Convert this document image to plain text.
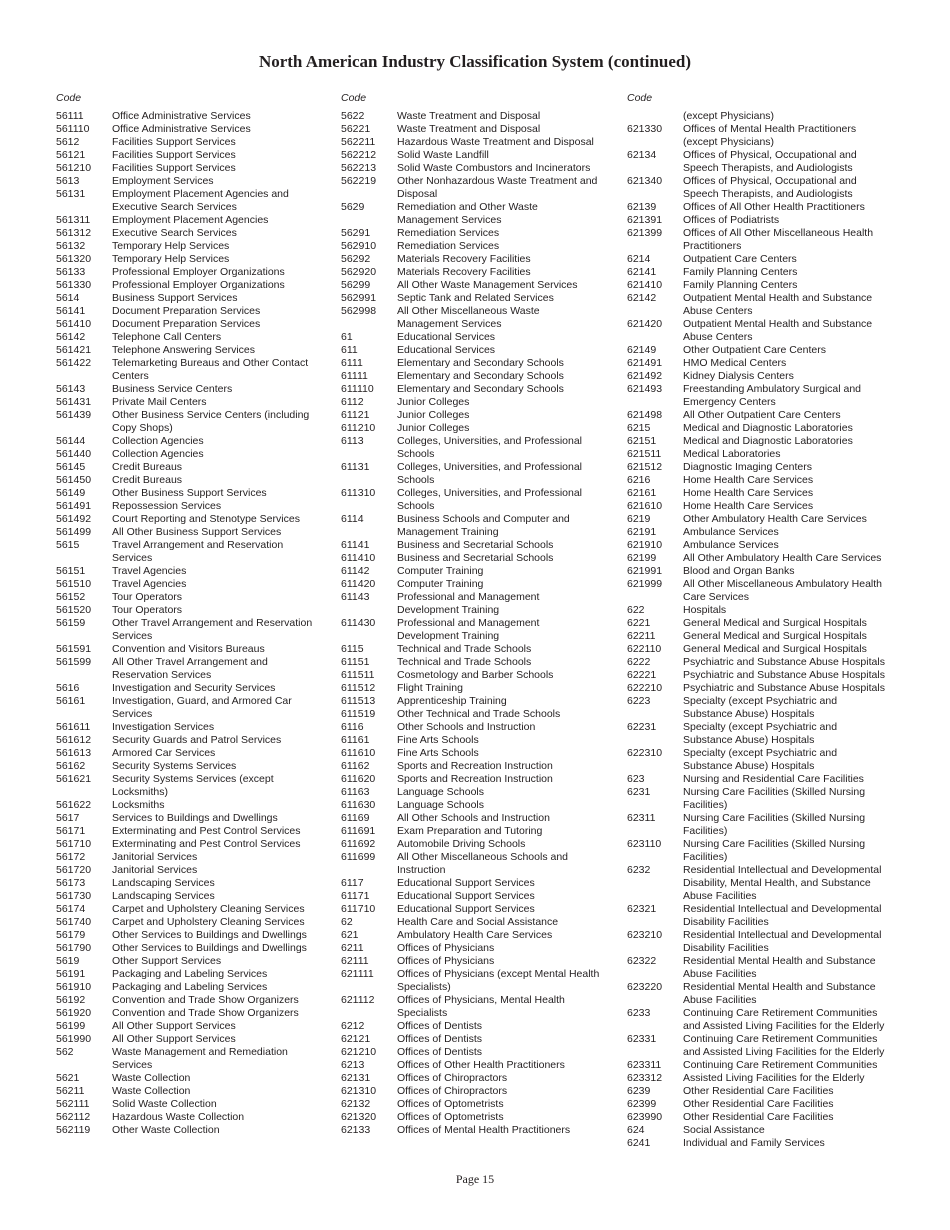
North American Industry Classification System (continued)
Code
56111	Office Administrative Services
561110	Office Administrative Services
5612	Facilities Support Services
56121	Facilities Support Services
561210	Facilities Support Services
5613	Employment Services
56131	Employment Placement Agencies and
Executive Search Services
561311	Employment Placement Agencies
561312	Executive Search Services
56132	Temporary Help Services
561320	Temporary Help Services
56133	Professional Employer Organizations
561330	Professional Employer Organizations
5614	Business Support Services
56141	Document Preparation Services
561410	Document Preparation Services
56142	Telephone Call Centers
561421	Telephone Answering Services
561422	Telemarketing Bureaus and Other Contact
Centers
56143	Business Service Centers
561431	Private Mail Centers
561439	Other Business Service Centers (including
Copy Shops)
56144	Collection Agencies
561440	Collection Agencies
56145	Credit Bureaus
561450	Credit Bureaus
56149	Other Business Support Services
561491	Repossession Services
561492	Court Reporting and Stenotype Services
561499	All Other Business Support Services
5615	Travel Arrangement and Reservation
Services
56151	Travel Agencies
561510	Travel Agencies
56152	Tour Operators
561520	Tour Operators
56159	Other Travel Arrangement and Reservation
Services
561591	Convention and Visitors Bureaus
561599	All Other Travel Arrangement and
Reservation Services
5616	Investigation and Security Services
56161	Investigation, Guard, and Armored Car
Services
561611	Investigation Services
561612	Security Guards and Patrol Services
561613	Armored Car Services
56162	Security Systems Services
561621	Security Systems Services (except
Locksmiths)
561622	Locksmiths
5617	Services to Buildings and Dwellings
56171	Exterminating and Pest Control Services
561710	Exterminating and Pest Control Services
56172	Janitorial Services
561720	Janitorial Services
56173	Landscaping Services
561730	Landscaping Services
56174	Carpet and Upholstery Cleaning Services
561740	Carpet and Upholstery Cleaning Services
56179	Other Services to Buildings and Dwellings
561790	Other Services to Buildings and Dwellings
5619	Other Support Services
56191	Packaging and Labeling Services
561910	Packaging and Labeling Services
56192	Convention and Trade Show Organizers
561920	Convention and Trade Show Organizers
56199	All Other Support Services
561990	All Other Support Services
562	Waste Management and Remediation
Services
5621	Waste Collection
56211	Waste Collection
562111	Solid Waste Collection
562112	Hazardous Waste Collection
562119	Other Waste Collection
Code
5622	Waste Treatment and Disposal
56221	Waste Treatment and Disposal
562211	Hazardous Waste Treatment and Disposal
562212	Solid Waste Landfill
562213	Solid Waste Combustors and Incinerators
562219	Other Nonhazardous Waste Treatment and
Disposal
5629	Remediation and Other Waste
Management Services
56291	Remediation Services
562910	Remediation Services
56292	Materials Recovery Facilities
562920	Materials Recovery Facilities
56299	All Other Waste Management Services
562991	Septic Tank and Related Services
562998	All Other Miscellaneous Waste
Management Services
61	Educational Services
611	Educational Services
6111	Elementary and Secondary Schools
61111	Elementary and Secondary Schools
611110	Elementary and Secondary Schools
6112	Junior Colleges
61121	Junior Colleges
611210	Junior Colleges
6113	Colleges, Universities, and Professional
Schools
61131	Colleges, Universities, and Professional
Schools
611310	Colleges, Universities, and Professional
Schools
6114	Business Schools and Computer and
Management Training
61141	Business and Secretarial Schools
611410	Business and Secretarial Schools
61142	Computer Training
611420	Computer Training
61143	Professional and Management
Development Training
611430	Professional and Management
Development Training
6115	Technical and Trade Schools
61151	Technical and Trade Schools
611511	Cosmetology and Barber Schools
611512	Flight Training
611513	Apprenticeship Training
611519	Other Technical and Trade Schools
6116	Other Schools and Instruction
61161	Fine Arts Schools
611610	Fine Arts Schools
61162	Sports and Recreation Instruction
611620	Sports and Recreation Instruction
61163	Language Schools
611630	Language Schools
61169	All Other Schools and Instruction
611691	Exam Preparation and Tutoring
611692	Automobile Driving Schools
611699	All Other Miscellaneous Schools and
Instruction
6117	Educational Support Services
61171	Educational Support Services
611710	Educational Support Services
62	Health Care and Social Assistance
621	Ambulatory Health Care Services
6211	Offices of Physicians
62111	Offices of Physicians
621111	Offices of Physicians (except Mental Health
Specialists)
621112	Offices of Physicians, Mental Health
Specialists
6212	Offices of Dentists
62121	Offices of Dentists
621210	Offices of Dentists
6213	Offices of Other Health Practitioners
62131	Offices of Chiropractors
621310	Offices of Chiropractors
62132	Offices of Optometrists
621320	Offices of Optometrists
62133	Offices of Mental Health Practitioners
Code
(except Physicians)
621330	Offices of Mental Health Practitioners
(except Physicians)
62134	Offices of Physical, Occupational and
Speech Therapists, and Audiologists
621340	Offices of Physical, Occupational and
Speech Therapists, and Audiologists
62139	Offices of All Other Health Practitioners
621391	Offices of Podiatrists
621399	Offices of All Other Miscellaneous Health
Practitioners
6214	Outpatient Care Centers
62141	Family Planning Centers
621410	Family Planning Centers
62142	Outpatient Mental Health and Substance
Abuse Centers
621420	Outpatient Mental Health and Substance
Abuse Centers
62149	Other Outpatient Care Centers
621491	HMO Medical Centers
621492	Kidney Dialysis Centers
621493	Freestanding Ambulatory Surgical and
Emergency Centers
621498	All Other Outpatient Care Centers
6215	Medical and Diagnostic Laboratories
62151	Medical and Diagnostic Laboratories
621511	Medical Laboratories
621512	Diagnostic Imaging Centers
6216	Home Health Care Services
62161	Home Health Care Services
621610	Home Health Care Services
6219	Other Ambulatory Health Care Services
62191	Ambulance Services
621910	Ambulance Services
62199	All Other Ambulatory Health Care Services
621991	Blood and Organ Banks
621999	All Other Miscellaneous Ambulatory Health
Care Services
622	Hospitals
6221	General Medical and Surgical Hospitals
62211	General Medical and Surgical Hospitals
622110	General Medical and Surgical Hospitals
6222	Psychiatric and Substance Abuse Hospitals
62221	Psychiatric and Substance Abuse Hospitals
622210	Psychiatric and Substance Abuse Hospitals
6223	Specialty (except Psychiatric and
Substance Abuse) Hospitals
62231	Specialty (except Psychiatric and
Substance Abuse) Hospitals
622310	Specialty (except Psychiatric and
Substance Abuse) Hospitals
623	Nursing and Residential Care Facilities
6231	Nursing Care Facilities (Skilled Nursing
Facilities)
62311	Nursing Care Facilities (Skilled Nursing
Facilities)
623110	Nursing Care Facilities (Skilled Nursing
Facilities)
6232	Residential Intellectual and Developmental
Disability, Mental Health, and Substance
Abuse Facilities
62321	Residential Intellectual and Developmental
Disability Facilities
623210	Residential Intellectual and Developmental
Disability Facilities
62322	Residential Mental Health and Substance
Abuse Facilities
623220	Residential Mental Health and Substance
Abuse Facilities
6233	Continuing Care Retirement Communities
and Assisted Living Facilities for the Elderly
62331	Continuing Care Retirement Communities
and Assisted Living Facilities for the Elderly
623311	Continuing Care Retirement Communities
623312	Assisted Living Facilities for the Elderly
6239	Other Residential Care Facilities
62399	Other Residential Care Facilities
623990	Other Residential Care Facilities
624	Social Assistance
6241	Individual and Family Services
Page 15
